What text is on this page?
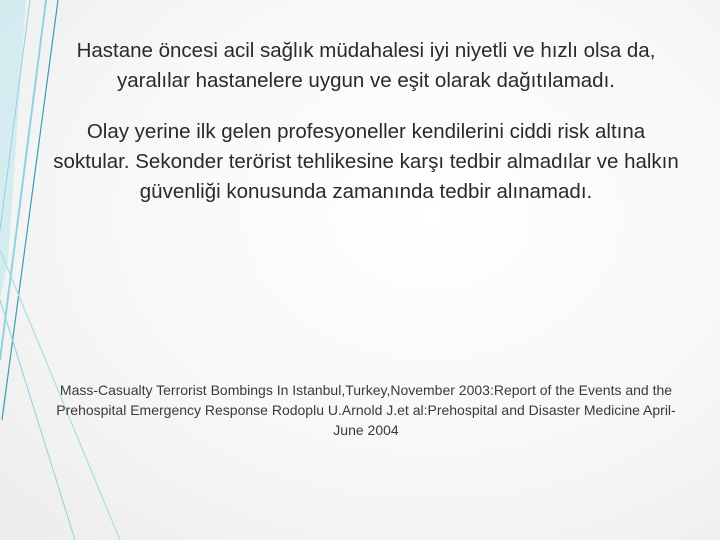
Hastane öncesi acil sağlık müdahalesi iyi niyetli ve hızlı olsa da, yaralılar hastanelere uygun ve eşit olarak dağıtılamadı.

Olay yerine ilk gelen profesyoneller kendilerini ciddi risk altına soktular. Sekonder terörist tehlikesine karşı tedbir almadılar ve halkın güvenliği konusunda zamanında tedbir alınamadı.

Mass-Casualty Terrorist Bombings In Istanbul,Turkey,November 2003:Report of the Events and the Prehospital Emergency Response Rodoplu U.Arnold J.et al:Prehospital and Disaster Medicine April-June 2004
